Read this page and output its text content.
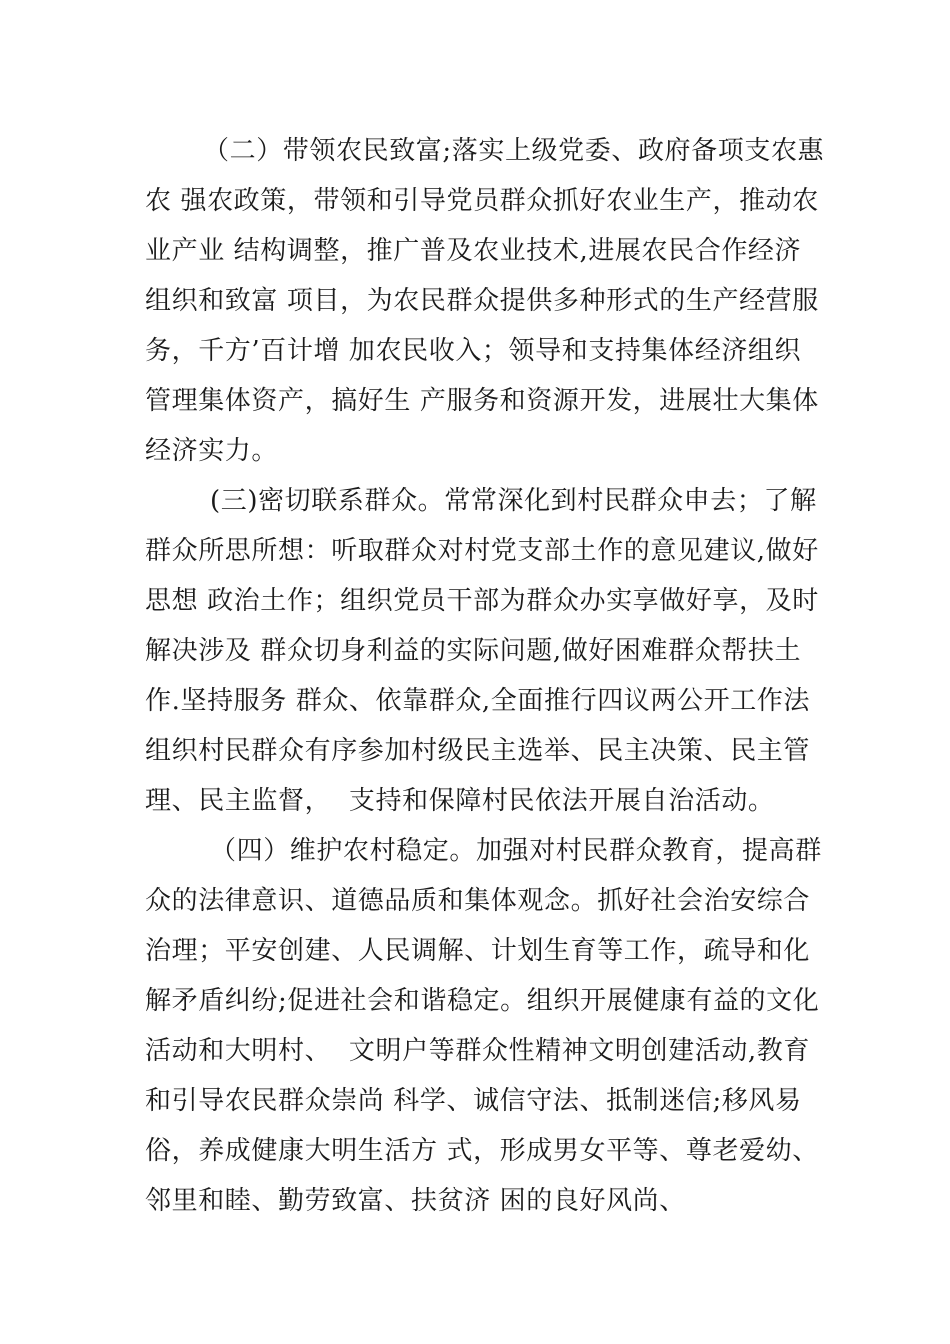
（二）带领农民致富;落实上级党委、政府备项支农惠
农 强农政策，带领和引导党员群众抓好农业生产，推动农
业产业 结构调整，推广普及农业技术,进展农民合作经济
组织和致富 项目，为农民群众提供多种形式的生产经营服
务，千方’百计增 加农民收入；领导和支持集体经济组织
管理集体资产，搞好生 产服务和资源开发，进展壮大集体
经济实力。
(三)密切联系群众。常常深化到村民群众申去；了解
群众所思所想：听取群众对村党支部土作的意见建议,做好
思想 政治土作；组织党员干部为群众办实享做好享，及时
解决涉及 群众切身利益的实际问题,做好困难群众帮扶土
作.坚持服务 群众、依靠群众,全面推行四议两公开工作法
组织村民群众有序参加村级民主选举、民主决策、民主管
理、民主监督，  支持和保障村民依法开展自治活动。
（四）维护农村稳定。加强对村民群众教育，提高群
众的法律意识、道德品质和集体观念。抓好社会治安综合
治理；平安创建、人民调解、计划生育等工作，疏导和化
解矛盾纠纷;促进社会和谐稳定。组织开展健康有益的文化
活动和大明村、  文明户等群众性精神文明创建活动,教育
和引导农民群众崇尚 科学、诚信守法、抵制迷信;移风易
俗，养成健康大明生活方 式，形成男女平等、尊老爱幼、
邻里和睦、勤劳致富、扶贫济 困的良好风尚、
